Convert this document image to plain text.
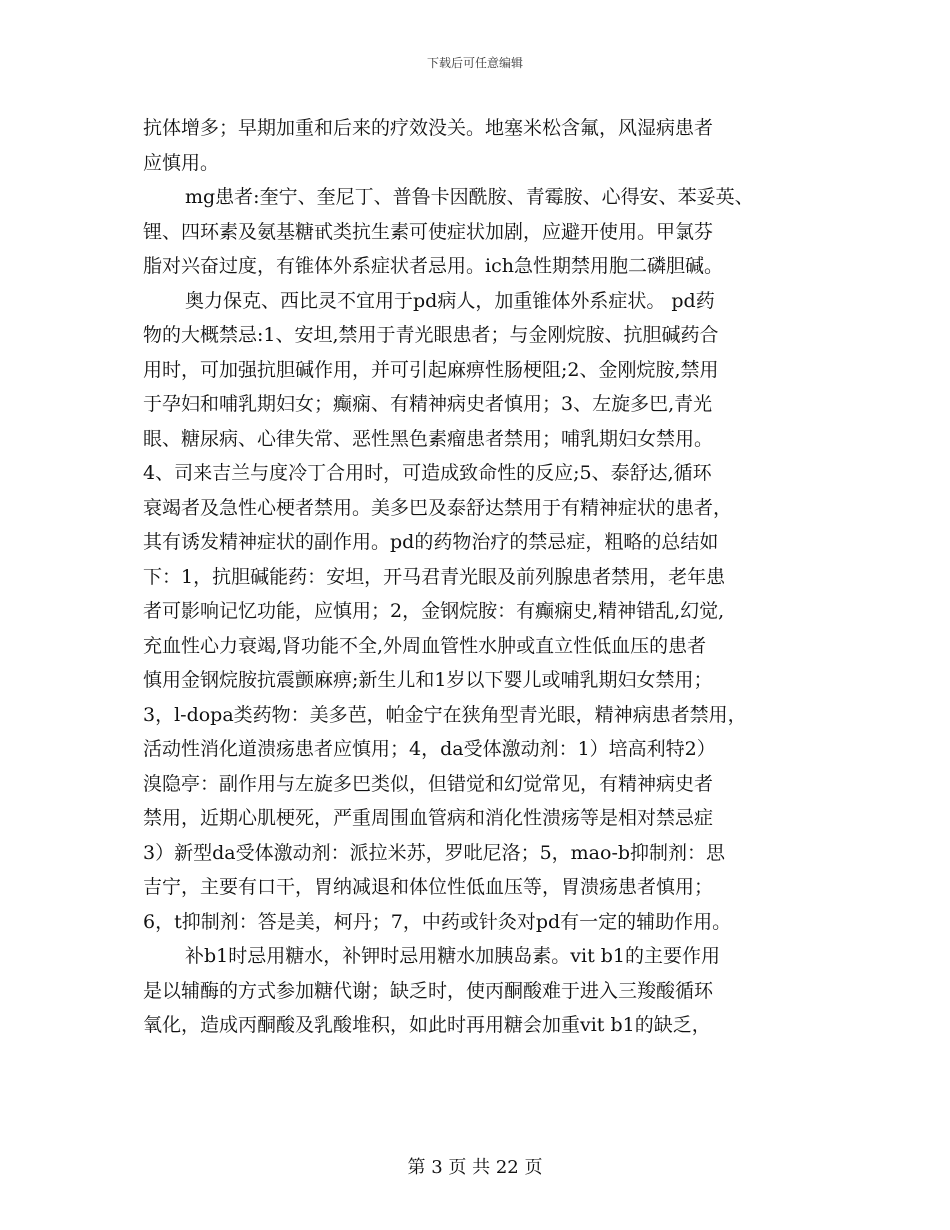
下载后可任意编辑
抗体增多；早期加重和后来的疗效没关。地塞米松含氟，风湿病患者
应慎用。
mg患者:奎宁、奎尼丁、普鲁卡因酰胺、青霉胺、心得安、苯妥英、
锂、四环素及氨基糖甙类抗生素可使症状加剧，应避开使用。甲氯芬
脂对兴奋过度，有锥体外系症状者忌用。ich急性期禁用胞二磷胆碱。
奥力保克、西比灵不宜用于pd病人，加重锥体外系症状。 pd药
物的大概禁忌:1、安坦,禁用于青光眼患者；与金刚烷胺、抗胆碱药合
用时，可加强抗胆碱作用，并可引起麻痹性肠梗阻;2、金刚烷胺,禁用
于孕妇和哺乳期妇女；癫痫、有精神病史者慎用；3、左旋多巴,青光
眼、糖尿病、心律失常、恶性黑色素瘤患者禁用；哺乳期妇女禁用。
4、司来吉兰与度冷丁合用时，可造成致命性的反应;5、泰舒达,循环
衰竭者及急性心梗者禁用。美多巴及泰舒达禁用于有精神症状的患者，
其有诱发精神症状的副作用。pd的药物治疗的禁忌症，粗略的总结如
下：1，抗胆碱能药：安坦，开马君青光眼及前列腺患者禁用，老年患
者可影响记忆功能，应慎用；2，金钢烷胺：有癫痫史,精神错乱,幻觉,
充血性心力衰竭,肾功能不全,外周血管性水肿或直立性低血压的患者
慎用金钢烷胺抗震颤麻痹;新生儿和1岁以下婴儿或哺乳期妇女禁用；
3，l-dopa类药物：美多芭，帕金宁在狭角型青光眼，精神病患者禁用，
活动性消化道溃疡患者应慎用；4，da受体激动剂：1）培高利特2）
溴隐亭：副作用与左旋多巴类似，但错觉和幻觉常见，有精神病史者
禁用，近期心肌梗死，严重周围血管病和消化性溃疡等是相对禁忌症
3）新型da受体激动剂：派拉米苏，罗吡尼洛；5，mao-b抑制剂：思
吉宁，主要有口干，胃纳减退和体位性低血压等，胃溃疡患者慎用；
6，t抑制剂：答是美，柯丹；7，中药或针灸对pd有一定的辅助作用。
补b1时忌用糖水，补钾时忌用糖水加胰岛素。vit b1的主要作用
是以辅酶的方式参加糖代谢；缺乏时，使丙酮酸难于进入三羧酸循环
氧化，造成丙酮酸及乳酸堆积，如此时再用糖会加重vit b1的缺乏，
第 3 页 共 22 页
